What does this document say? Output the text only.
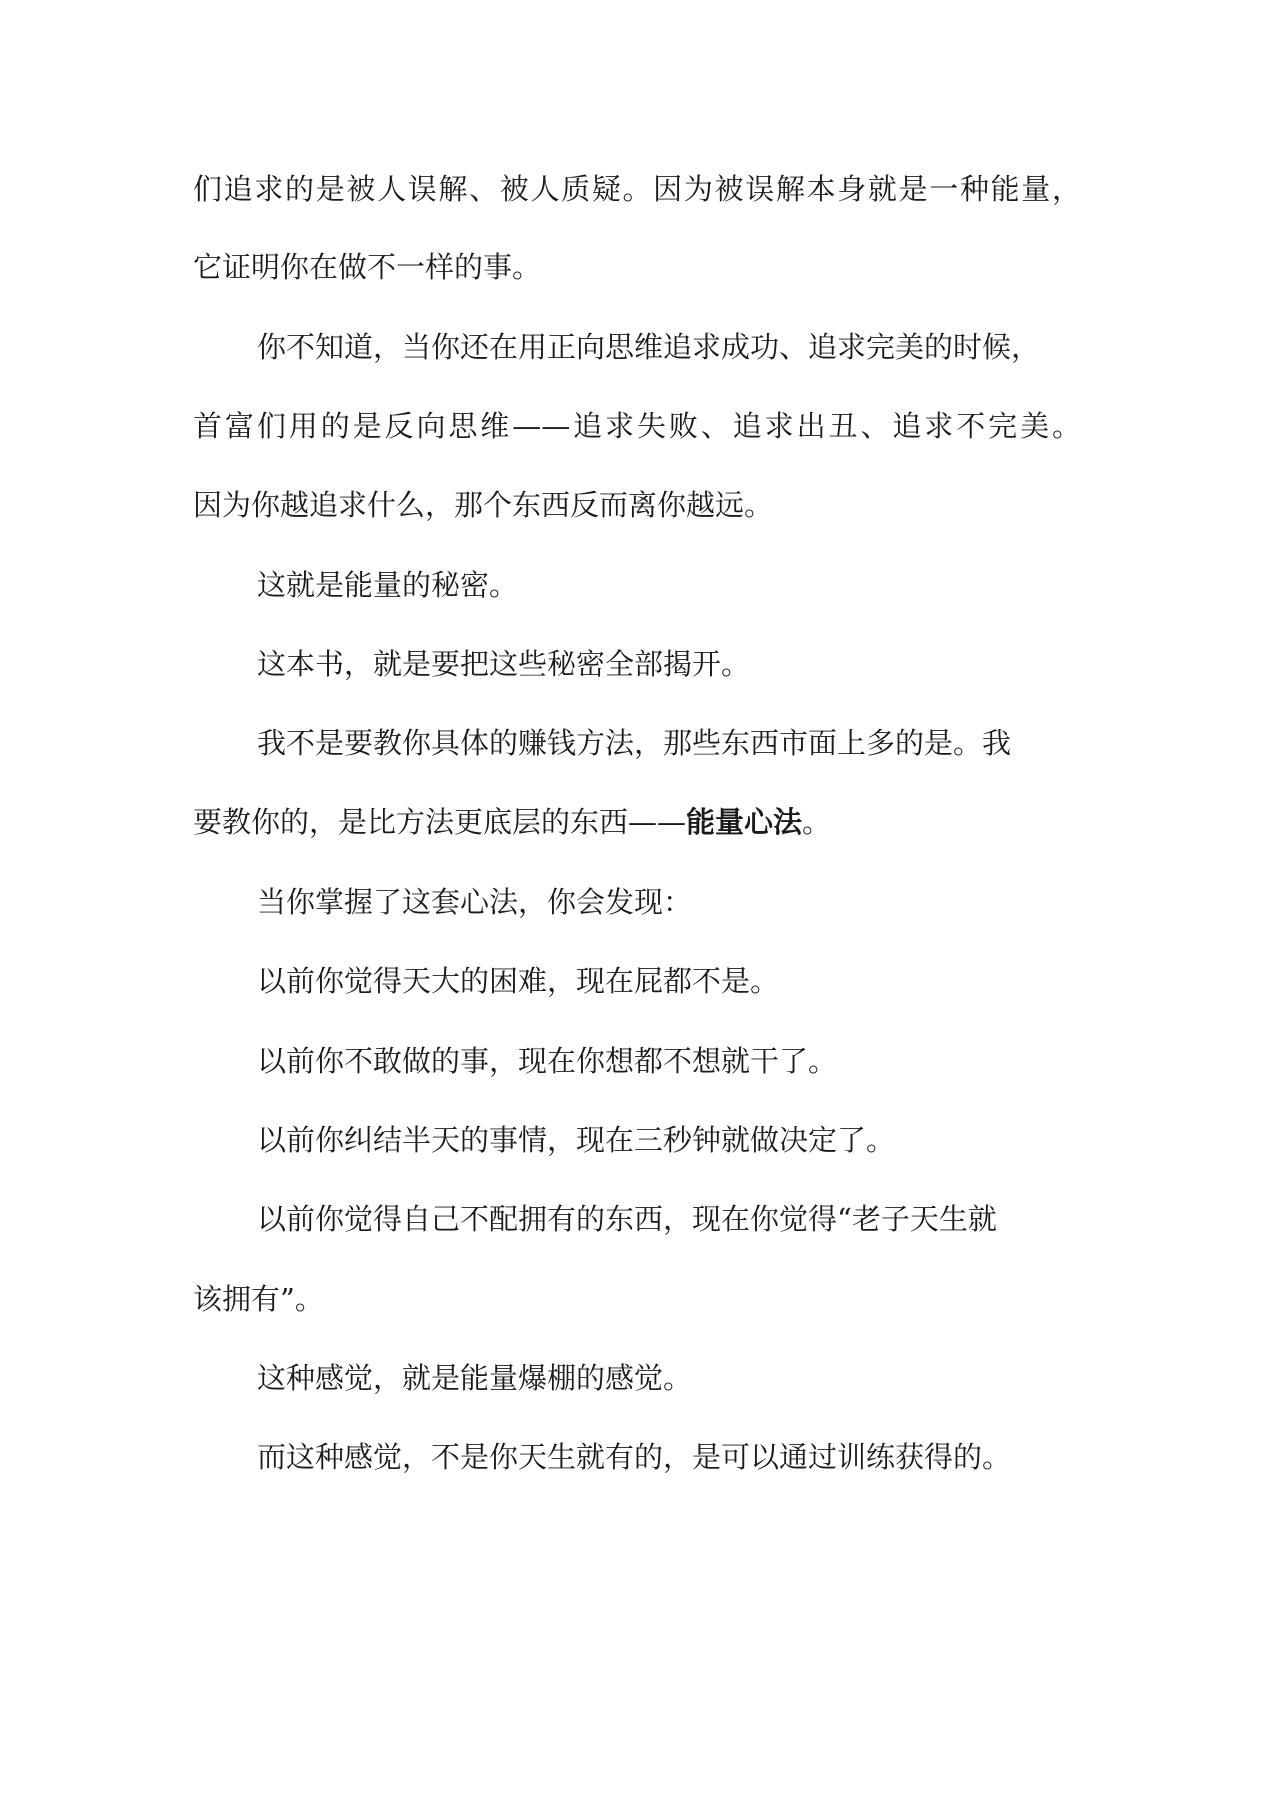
们追求的是被人误解、被人质疑。因为被误解本身就是一种能量，

它证明你在做不一样的事。

你不知道，当你还在用正向思维追求成功、追求完美的时候，

首富们用的是反向思维——追求失败、追求出丑、追求不完美。

因为你越追求什么，那个东西反而离你越远。

这就是能量的秘密。

这本书，就是要把这些秘密全部揭开。

我不是要教你具体的赚钱方法，那些东西市面上多的是。我

要教你的，是比方法更底层的东西——能量心法。

当你掌握了这套心法，你会发现：

以前你觉得天大的困难，现在屁都不是。

以前你不敢做的事，现在你想都不想就干了。

以前你纠结半天的事情，现在三秒钟就做决定了。

以前你觉得自己不配拥有的东西，现在你觉得“老子天生就

该拥有”。

这种感觉，就是能量爆棚的感觉。

而这种感觉，不是你天生就有的，是可以通过训练获得的。
